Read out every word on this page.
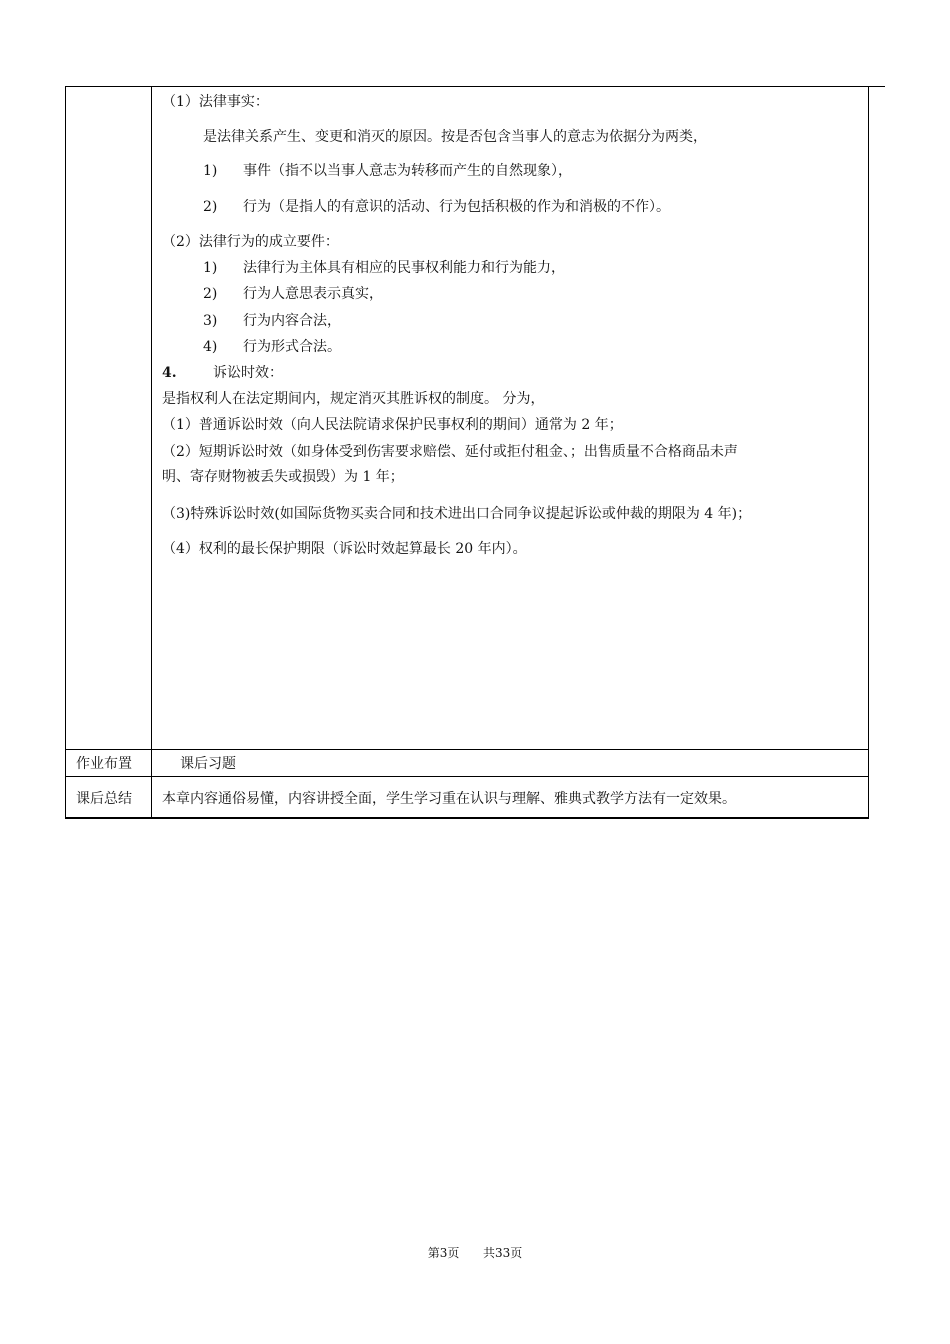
（1）法律事实：
是法律关系产生、变更和消灭的原因。按是否包含当事人的意志为依据分为两类，
1) 事件（指不以当事人意志为转移而产生的自然现象），
2) 行为（是指人的有意识的活动、行为包括积极的作为和消极的不作）。
（2）法律行为的成立要件：
1) 法律行为主体具有相应的民事权利能力和行为能力，
2) 行为人意思表示真实，
3) 行为内容合法，
4) 行为形式合法。
4.	诉讼时效：
是指权利人在法定期间内，规定消灭其胜诉权的制度。 分为，
（1）普通诉讼时效（向人民法院请求保护民事权利的期间）通常为 2 年；
（2）短期诉讼时效（如身体受到伤害要求赔偿、延付或拒付租金、；出售质量不合格商品未声
明、寄存财物被丢失或损毁）为 1 年；
（3)特殊诉讼时效(如国际货物买卖合同和技术进出口合同争议提起诉讼或仲裁的期限为 4 年)；
（4）权利的最长保护期限（诉讼时效起算最长 20 年内）。
作业布置	课后习题
课后总结 本章内容通俗易懂，内容讲授全面，学生学习重在认识与理解、雅典式教学方法有一定效果。
第3页 共33页
